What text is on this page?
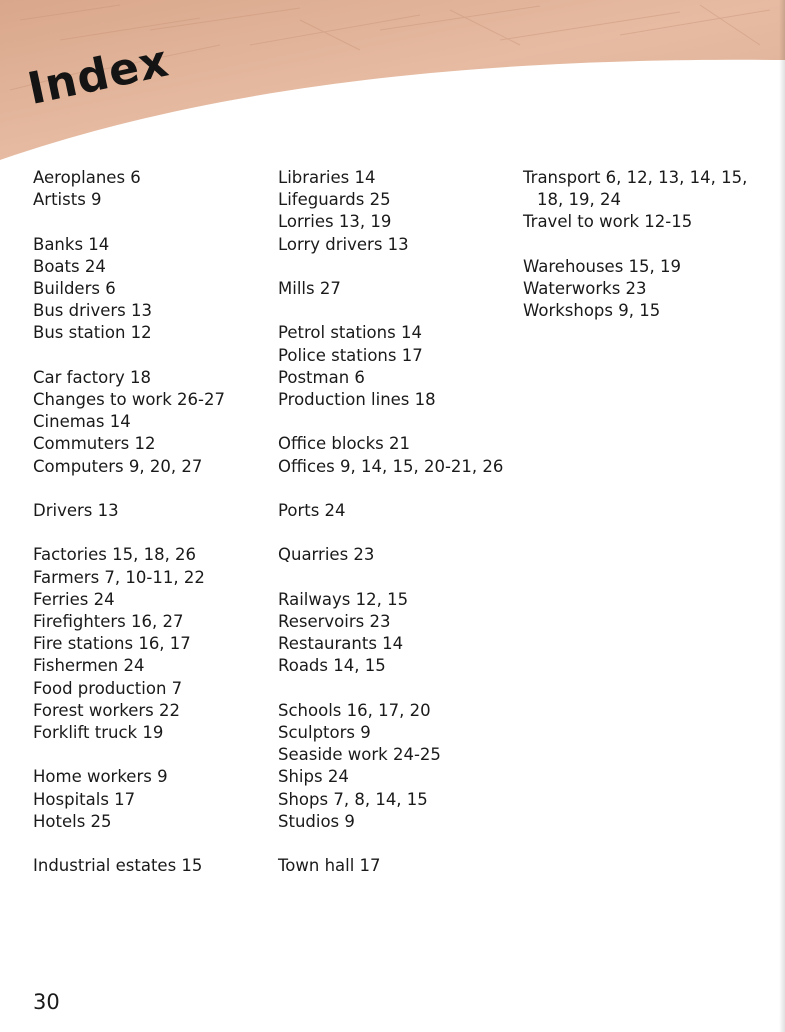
Index
Aeroplanes 6
Artists 9
Banks 14
Boats 24
Builders 6
Bus drivers 13
Bus station 12
Car factory 18
Changes to work 26-27
Cinemas 14
Commuters 12
Computers 9, 20, 27
Drivers 13
Factories 15, 18, 26
Farmers 7, 10-11, 22
Ferries 24
Firefighters 16, 27
Fire stations 16, 17
Fishermen 24
Food production 7
Forest workers 22
Forklift truck 19
Home workers 9
Hospitals 17
Hotels 25
Industrial estates 15
Libraries 14
Lifeguards 25
Lorries 13, 19
Lorry drivers 13
Mills 27
Petrol stations 14
Police stations 17
Postman 6
Production lines 18
Office blocks 21
Offices 9, 14, 15, 20-21, 26
Ports 24
Quarries 23
Railways 12, 15
Reservoirs 23
Restaurants 14
Roads 14, 15
Schools 16, 17, 20
Sculptors 9
Seaside work 24-25
Ships 24
Shops 7, 8, 14, 15
Studios 9
Town hall 17
Transport 6, 12, 13, 14, 15, 18, 19, 24
Travel to work 12-15
Warehouses 15, 19
Waterworks 23
Workshops 9, 15
30
